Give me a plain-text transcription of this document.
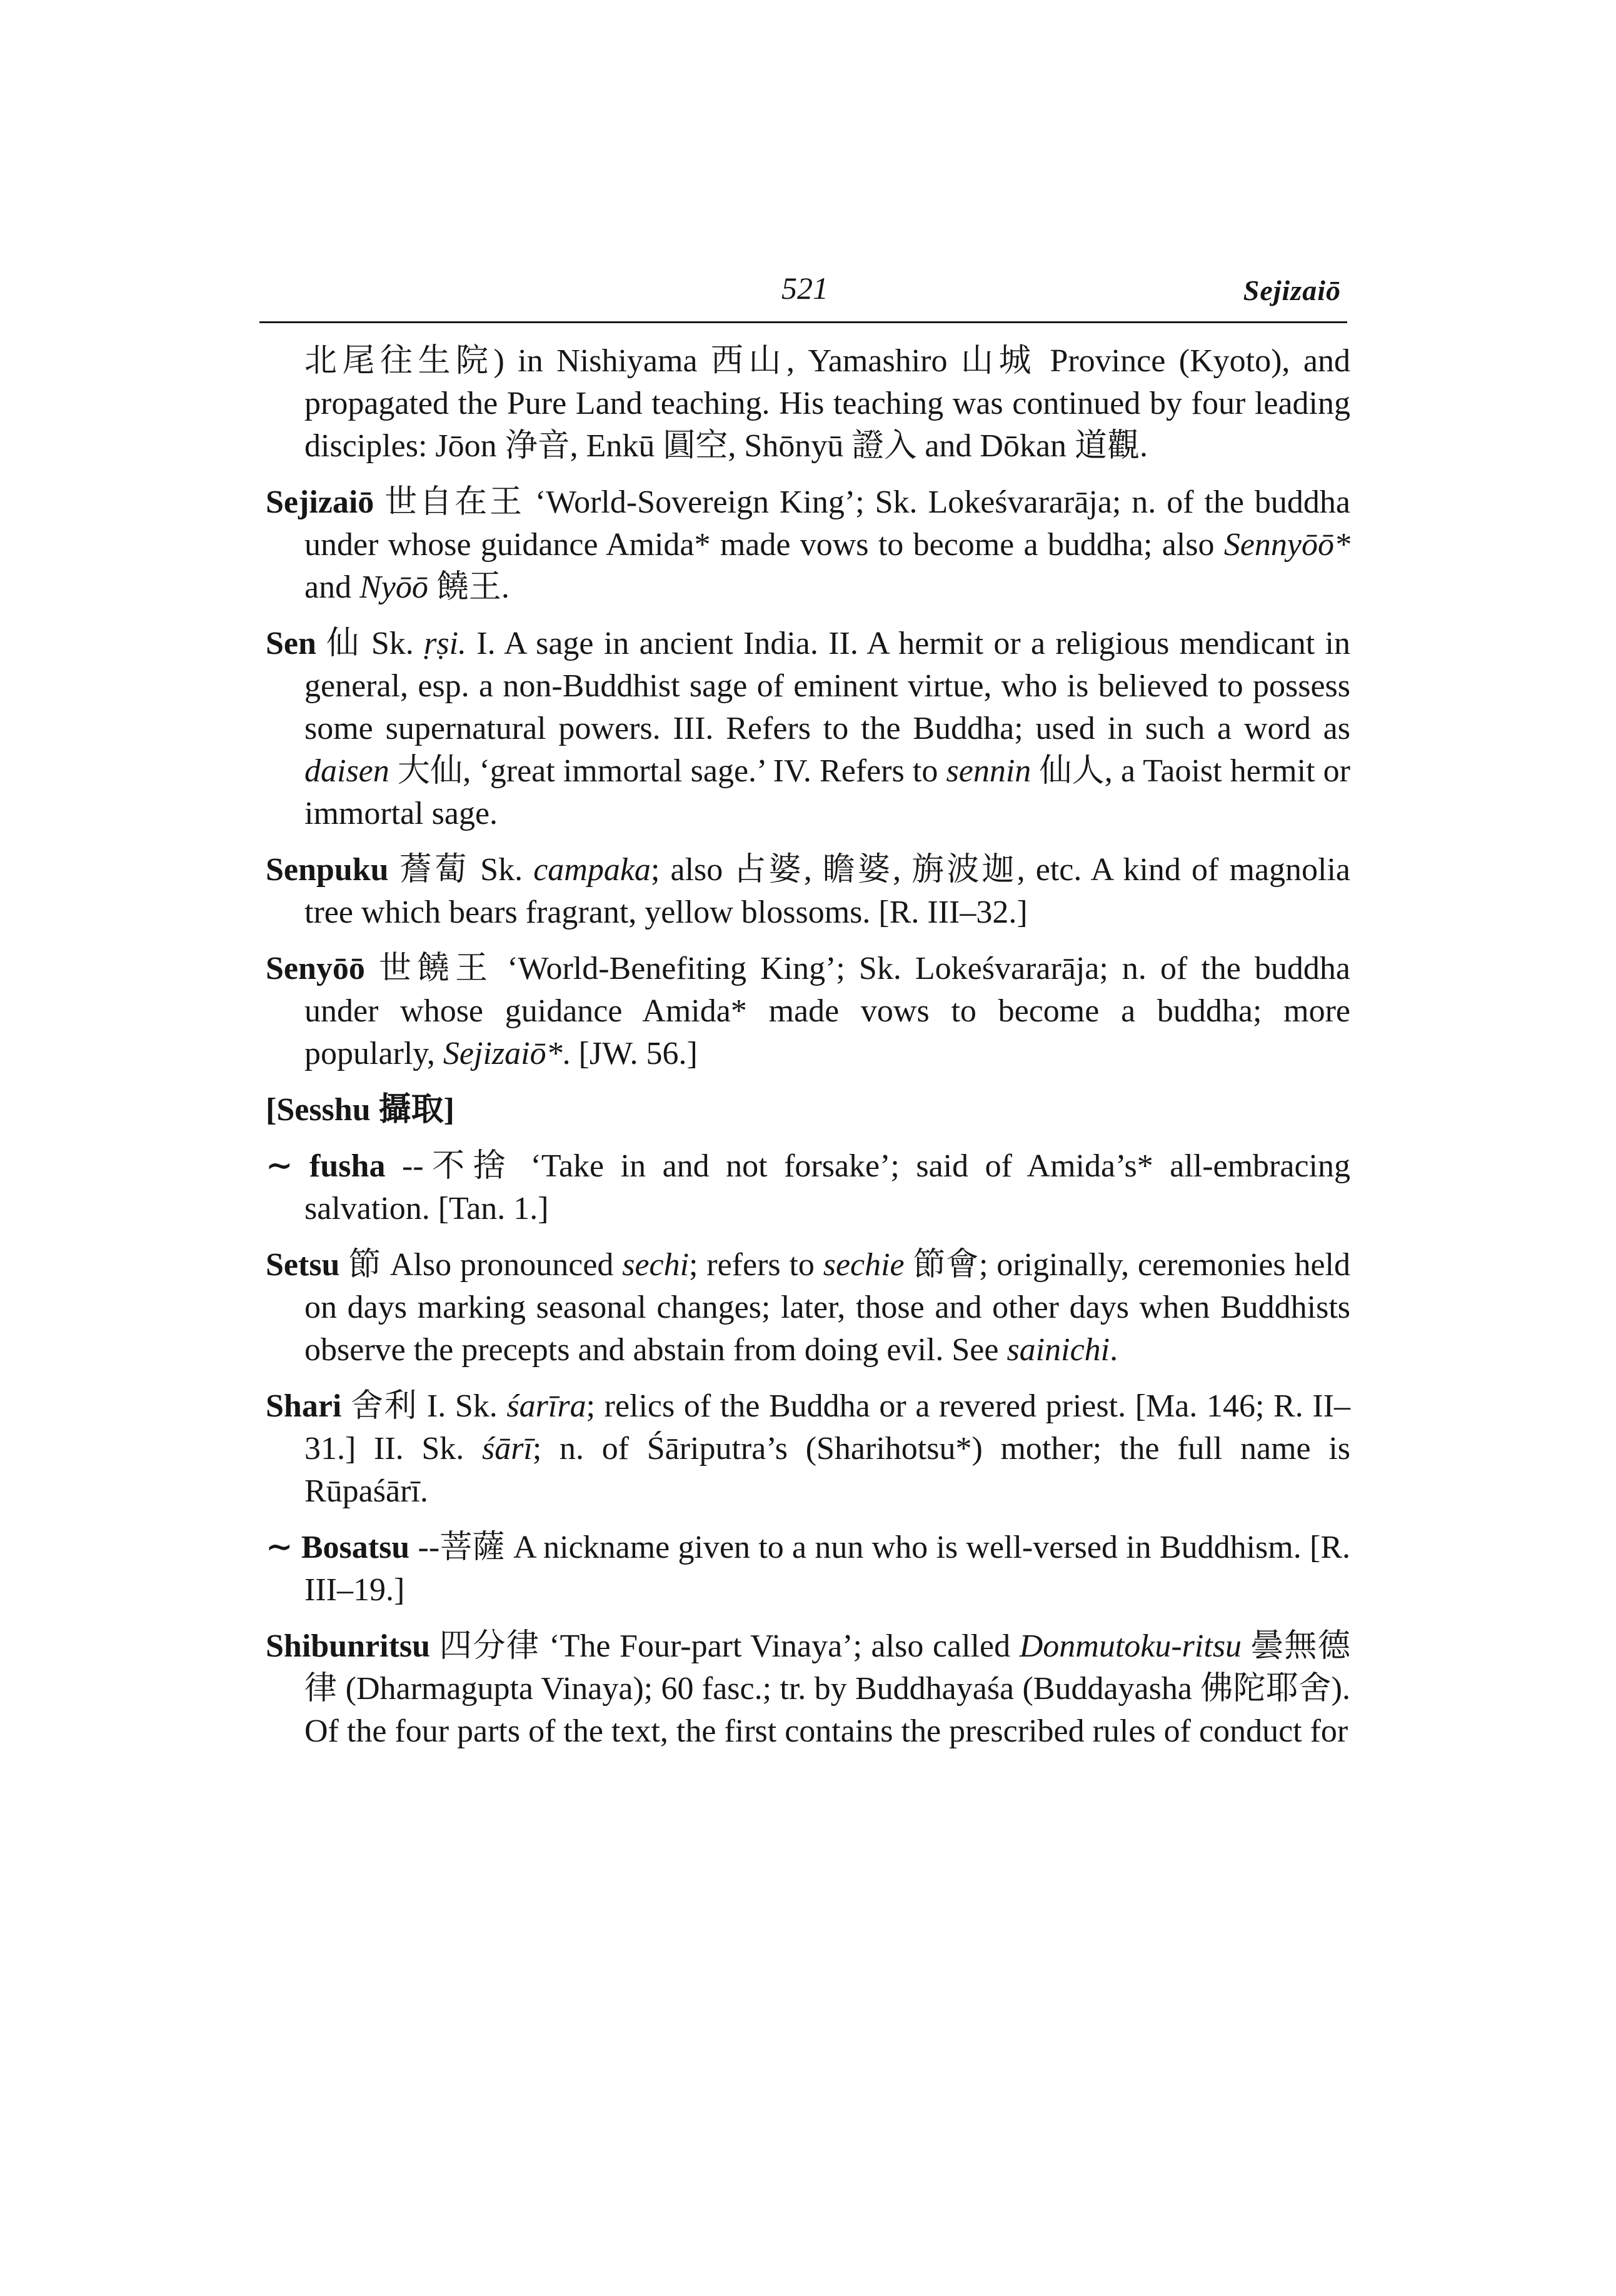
521	Sejizaiō

北尾往生院) in Nishiyama 西山, Yamashiro 山城 Province (Kyoto), and propagated the Pure Land teaching. His teaching was continued by four leading disciples: Jōon 浄音, Enkū 圓空, Shōnyū 證入 and Dōkan 道觀.

Sejizaiō 世自在王 ‘World-Sovereign King’; Sk. Lokeśvararāja; n. of the buddha under whose guidance Amida* made vows to become a buddha; also Sennyōō* and Nyōō 饒王.

Sen 仙 Sk. ṛṣi. I. A sage in ancient India. II. A hermit or a religious mendicant in general, esp. a non-Buddhist sage of eminent virtue, who is believed to possess some supernatural powers. III. Refers to the Buddha; used in such a word as daisen 大仙, ‘great immortal sage.’ IV. Refers to sennin 仙人, a Taoist hermit or immortal sage.

Senpuku 薝蔔 Sk. campaka; also 占婆, 瞻婆, 旃波迦, etc. A kind of magnolia tree which bears fragrant, yellow blossoms. [R. III–32.]

Senyōō 世饒王 ‘World-Benefiting King’; Sk. Lokeśvararāja; n. of the buddha under whose guidance Amida* made vows to become a buddha; more popularly, Sejizaiō*. [JW. 56.]

[Sesshu 攝取]

∼ fusha --不捨 ‘Take in and not forsake’; said of Amida’s* all-embracing salvation. [Tan. 1.]

Setsu 節 Also pronounced sechi; refers to sechie 節會; originally, ceremonies held on days marking seasonal changes; later, those and other days when Buddhists observe the precepts and abstain from doing evil. See sainichi.

Shari 舍利 I. Sk. śarīra; relics of the Buddha or a revered priest. [Ma. 146; R. II–31.] II. Sk. śārī; n. of Śāriputra’s (Sharihotsu*) mother; the full name is Rūpaśārī.

∼ Bosatsu --菩薩 A nickname given to a nun who is well-versed in Buddhism. [R. III–19.]

Shibunritsu 四分律 ‘The Four-part Vinaya’; also called Donmutoku-ritsu 曇無德律 (Dharmagupta Vinaya); 60 fasc.; tr. by Buddhayaśa (Buddayasha 佛陀耶舍). Of the four parts of the text, the first contains the prescribed rules of conduct for
